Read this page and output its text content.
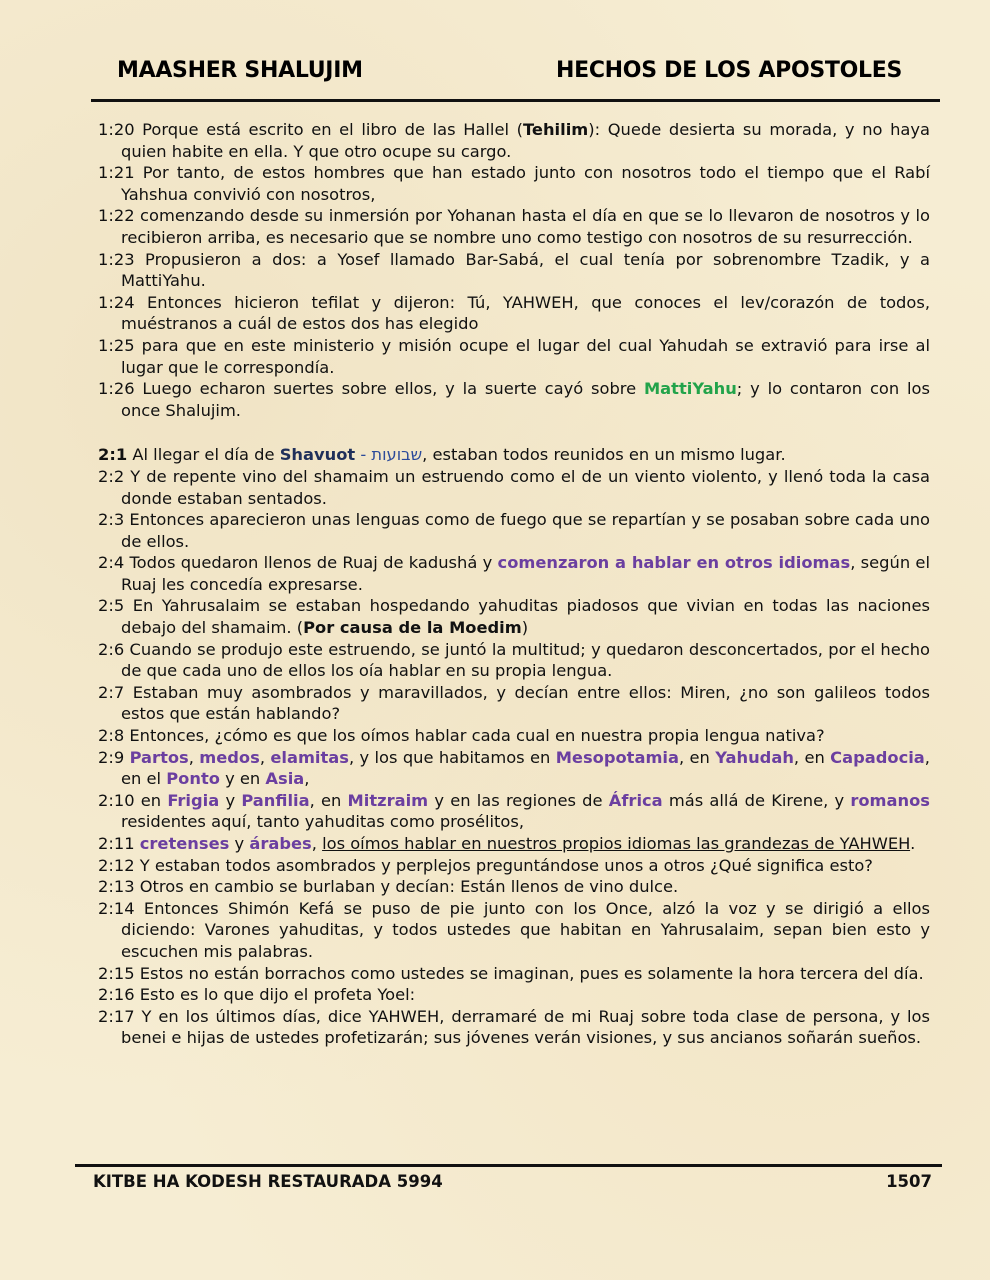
MAASHER SHALUJIM	HECHOS DE LOS APOSTOLES
1:20 Porque está escrito en el libro de las Hallel (Tehilim): Quede desierta su morada, y no haya quien habite en ella. Y que otro ocupe su cargo.
1:21 Por tanto, de estos hombres que han estado junto con nosotros todo el tiempo que el Rabí Yahshua convivió con nosotros,
1:22 comenzando desde su inmersión por Yohanan hasta el día en que se lo llevaron de nosotros y lo recibieron arriba, es necesario que se nombre uno como testigo con nosotros de su resurrección.
1:23 Propusieron a dos: a Yosef llamado Bar-Sabá, el cual tenía por sobrenombre Tzadik, y a MattiYahu.
1:24 Entonces hicieron tefilat y dijeron: Tú, YAHWEH, que conoces el lev/corazón de todos, muéstranos a cuál de estos dos has elegido
1:25 para que en este ministerio y misión ocupe el lugar del cual Yahudah se extravió para irse al lugar que le correspondía.
1:26 Luego echaron suertes sobre ellos, y la suerte cayó sobre MattiYahu; y lo contaron con los once Shalujim.
2:1 Al llegar el día de Shavuot - שבועות, estaban todos reunidos en un mismo lugar.
2:2 Y de repente vino del shamaim un estruendo como el de un viento violento, y llenó toda la casa donde estaban sentados.
2:3 Entonces aparecieron unas lenguas como de fuego que se repartían y se posaban sobre cada uno de ellos.
2:4 Todos quedaron llenos de Ruaj de kadushá y comenzaron a hablar en otros idiomas, según el Ruaj les concedía expresarse.
2:5 En Yahrusalaim se estaban hospedando yahuditas piadosos que vivian en todas las naciones debajo del shamaim. (Por causa de la Moedim)
2:6 Cuando se produjo este estruendo, se juntó la multitud; y quedaron desconcertados, por el hecho de que cada uno de ellos los oía hablar en su propia lengua.
2:7 Estaban muy asombrados y maravillados, y decían entre ellos: Miren, ¿no son galileos todos estos que están hablando?
2:8 Entonces, ¿cómo es que los oímos hablar cada cual en nuestra propia lengua nativa?
2:9 Partos, medos, elamitas, y los que habitamos en Mesopotamia, en Yahudah, en Capadocia, en el Ponto y en Asia,
2:10 en Frigia y Panfilia, en Mitzraim y en las regiones de África más allá de Kirene, y romanos residentes aquí, tanto yahuditas como prosélitos,
2:11 cretenses y árabes, los oímos hablar en nuestros propios idiomas las grandezas de YAHWEH.
2:12 Y estaban todos asombrados y perplejos preguntándose unos a otros ¿Qué significa esto?
2:13 Otros en cambio se burlaban y decían: Están llenos de vino dulce.
2:14 Entonces Shimón Kefá se puso de pie junto con los Once, alzó la voz y se dirigió a ellos diciendo: Varones yahuditas, y todos ustedes que habitan en Yahrusalaim, sepan bien esto y escuchen mis palabras.
2:15 Estos no están borrachos como ustedes se imaginan, pues es solamente la hora tercera del día.
2:16 Esto es lo que dijo el profeta Yoel:
2:17 Y en los últimos días, dice YAHWEH, derramaré de mi Ruaj sobre toda clase de persona, y los benei e hijas de ustedes profetizarán; sus jóvenes verán visiones, y sus ancianos soñarán sueños.
KITBE HA KODESH RESTAURADA 5994	1507
